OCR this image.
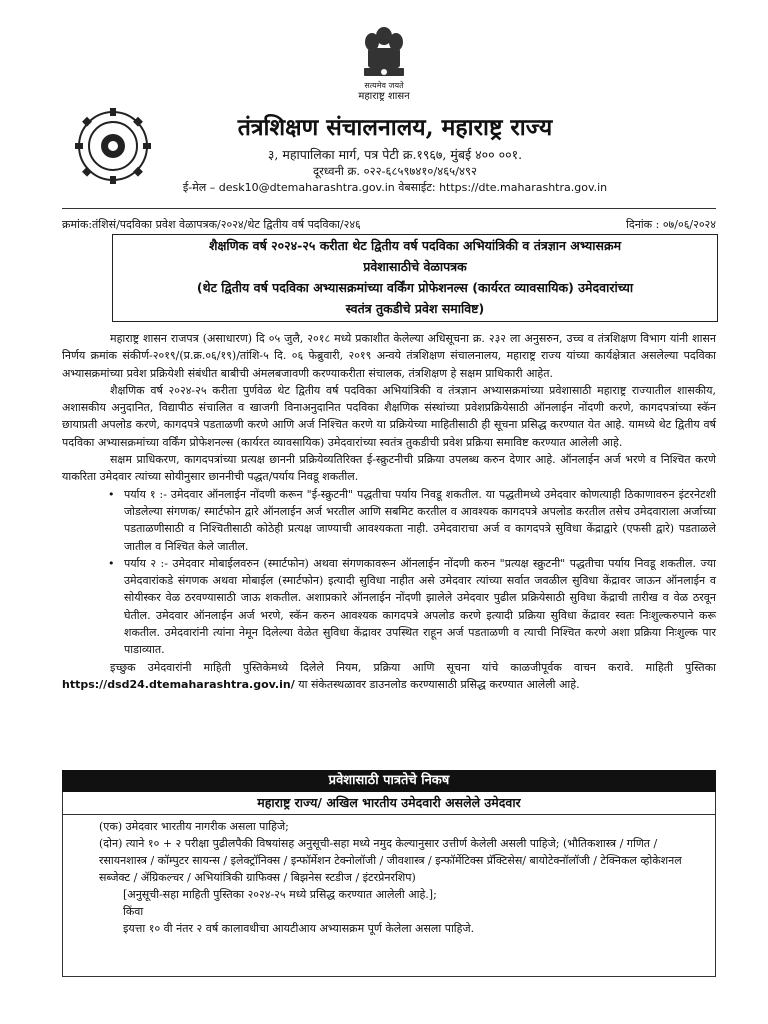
सत्यमेव जयते
महाराष्ट्र शासन
तंत्रशिक्षण संचालनालय, महाराष्ट्र राज्य
३, महापालिका मार्ग, पत्र पेटी क्र.१९६७, मुंबई ४०० ००१.
दूरध्वनी क्र. ०२२-६८५९७४१०/४६५/४९२
ई-मेल – desk10@dtemaharashtra.gov.in वेबसाईट: https://dte.maharashtra.gov.in
क्रमांक:तंशिसं/पदविका प्रवेश वेळापत्रक/२०२४/थेट द्वितीय वर्ष पदविका/२४६	दिनांक : ०७/०६/२०२४
शैक्षणिक वर्ष २०२४-२५ करीता थेट द्वितीय वर्ष पदविका अभियांत्रिकी व तंत्रज्ञान अभ्यासक्रम
प्रवेशासाठीचे वेळापत्रक
(थेट द्वितीय वर्ष पदविका अभ्यासक्रमांच्या वर्किंग प्रोफेशनल्स (कार्यरत व्यावसायिक) उमेदवारांच्या
स्वतंत्र तुकडीचे प्रवेश समाविष्ट)

महाराष्ट्र शासन राजपत्र (असाधारण) दि ०५ जुलै, २०१८ मध्ये प्रकाशीत केलेल्या अधिसूचना क्र. २३२ ला अनुसरुन, उच्च व तंत्रशिक्षण विभाग यांनी शासन निर्णय क्रमांक संकीर्ण-२०१९/(प्र.क्र.०६/१९)/तांशि-५ दि. ०६ फेब्रुवारी, २०१९ अन्वये तंत्रशिक्षण संचालनालय, महाराष्ट्र राज्य यांच्या कार्यक्षेत्रात असलेल्या पदविका अभ्यासक्रमांच्या प्रवेश प्रक्रियेशी संबंधीत बाबीची अंमलबजावणी करण्याकरीता संचालक, तंत्रशिक्षण हे सक्षम प्राधिकारी आहेत.

शैक्षणिक वर्ष २०२४-२५ करीता पुर्णवेळ थेट द्वितीय वर्ष पदविका अभियांत्रिकी व तंत्रज्ञान अभ्यासक्रमांच्या प्रवेशासाठी महाराष्ट्र राज्यातील शासकीय, अशासकीय अनुदानित, विद्यापीठ संचालित व खाजगी विनाअनुदानित पदविका शैक्षणिक संस्थांच्या प्रवेशप्रक्रियेसाठी ऑनलाईन नोंदणी करणे, कागदपत्रांच्या स्कॅन छायाप्रती अपलोड करणे, कागदपत्रे पडताळणी करणे आणि अर्ज निश्चित करणे या प्रक्रियेच्या माहितीसाठी ही सूचना प्रसिद्ध करण्यात येत आहे. यामध्ये थेट द्वितीय वर्ष पदविका अभ्यासक्रमांच्या वर्किंग प्रोफेशनल्स (कार्यरत व्यावसायिक) उमेदवारांच्या स्वतंत्र तुकडीची प्रवेश प्रक्रिया समाविष्ट करण्यात आलेली आहे.

सक्षम प्राधिकरण, कागदपत्रांच्या प्रत्यक्ष छाननी प्रक्रियेव्यतिरिक्त ई-स्क्रुटनीची प्रक्रिया उपलब्ध करुन देणार आहे. ऑनलाईन अर्ज भरणे व निश्चित करणे याकरिता उमेदवार त्यांच्या सोयीनुसार छाननीची पद्धत/पर्याय निवडू शकतील.

• पर्याय १ :- उमेदवार ऑनलाईन नोंदणी करून "ई-स्क्रुटनी" पद्धतीचा पर्याय निवडू शकतील. या पद्धतीमध्ये उमेदवार कोणत्याही ठिकाणावरुन इंटरनेटशी जोडलेल्या संगणक/ स्मार्टफोन द्वारे ऑनलाईन अर्ज भरतील आणि सबमिट करतील व आवश्यक कागदपत्रे अपलोड करतील तसेच उमेदवाराला अर्जाच्या पडताळणीसाठी व निश्चितीसाठी कोठेही प्रत्यक्ष जाण्याची आवश्यकता नाही. उमेदवाराचा अर्ज व कागदपत्रे सुविधा केंद्राद्वारे (एफसी द्वारे) पडताळले जातील व निश्चित केले जातील.

• पर्याय २ :- उमेदवार मोबाईलवरुन (स्मार्टफोन) अथवा संगणकावरून ऑनलाईन नोंदणी करुन "प्रत्यक्ष स्क्रुटनी" पद्धतीचा पर्याय निवडू शकतील. ज्या उमेदवारांकडे संगणक अथवा मोबाईल (स्मार्टफोन) इत्यादी सुविधा नाहीत असे उमेदवार त्यांच्या सर्वात जवळील सुविधा केंद्रावर जाऊन ऑनलाईन व सोयीस्कर वेळ ठरवण्यासाठी जाऊ शकतील. अशाप्रकारे ऑनलाईन नोंदणी झालेले उमेदवार पुढील प्रक्रियेसाठी सुविधा केंद्राची तारीख व वेळ ठरवून घेतील. उमेदवार ऑनलाईन अर्ज भरणे, स्कॅन करुन आवश्यक कागदपत्रे अपलोड करणे इत्यादी प्रक्रिया सुविधा केंद्रावर स्वतः निःशुल्करुपाने करू शकतील. उमेदवारांनी त्यांना नेमून दिलेल्या वेळेत सुविधा केंद्रावर उपस्थित राहून अर्ज पडताळणी व त्याची निश्चित करणे अशा प्रक्रिया निःशुल्क पार पाडाव्यात.

इच्छुक उमेदवारांनी माहिती पुस्तिकेमध्ये दिलेले नियम, प्रक्रिया आणि सूचना यांचे काळजीपूर्वक वाचन करावे. माहिती पुस्तिका https://dsd24.dtemaharashtra.gov.in/ या संकेतस्थळावर डाउनलोड करण्यासाठी प्रसिद्ध करण्यात आलेली आहे.

प्रवेशासाठी पात्रतेचे निकष
महाराष्ट्र राज्य/ अखिल भारतीय उमेदवारी असलेले उमेदवार

(एक) उमेदवार भारतीय नागरीक असला पाहिजे;

(दोन) त्याने १० + २ परीक्षा पुढीलपैकी विषयांसह अनुसूची-सहा मध्ये नमुद केल्यानुसार उत्तीर्ण केलेली असली पाहिजे; (भौतिकशास्त्र / गणित / रसायनशास्त्र / कॉम्पुटर सायन्स / इलेक्ट्रॉनिक्स / इन्फॉर्मेशन टेक्नोलॉजी / जीवशास्त्र / इन्फॉर्मेटिक्स प्रॅक्टिसेस/ बायोटेक्नॉलॉजी / टेक्निकल व्होकेशनल सब्जेक्ट / ॲग्रिकल्चर / अभियांत्रिकी ग्राफिक्स / बिझनेस स्टडीज / इंटरप्रेनरशिप)

[अनुसूची-सहा माहिती पुस्तिका २०२४-२५ मध्ये प्रसिद्ध करण्यात आलेली आहे.];

किंवा

इयत्ता १० वी नंतर २ वर्ष कालावधीचा आयटीआय अभ्यासक्रम पूर्ण केलेला असला पाहिजे.
